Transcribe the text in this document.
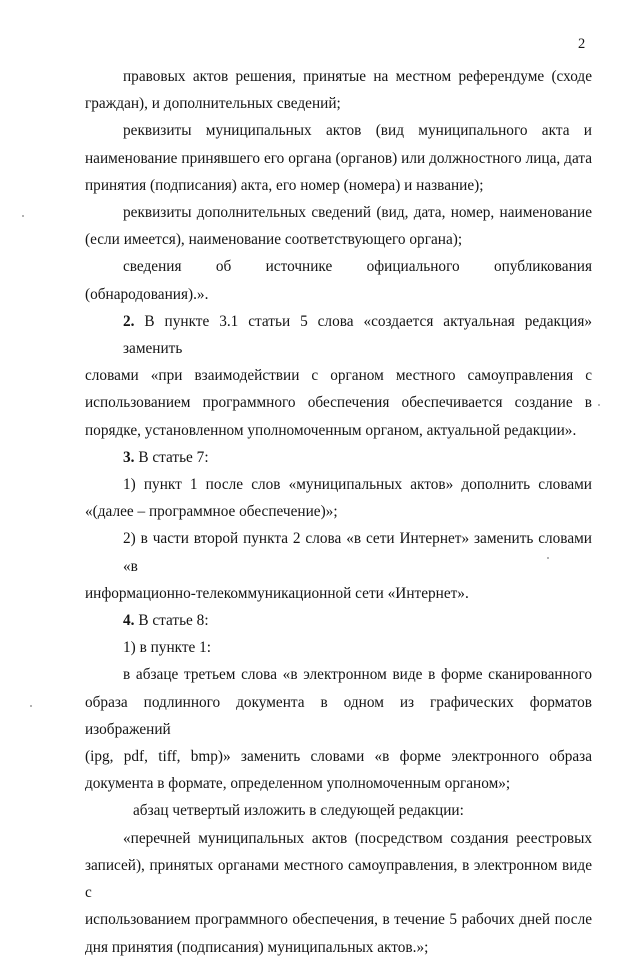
2

правовых актов решения, принятые на местном референдуме (сходе
граждан), и дополнительных сведений;

реквизиты муниципальных актов (вид муниципального акта и
наименование принявшего его органа (органов) или должностного лица, дата
принятия (подписания) акта, его номер (номера) и название);

реквизиты дополнительных сведений (вид, дата, номер, наименование
(если имеется), наименование соответствующего органа);

сведения об источнике официального опубликования
(обнародования).».

2. В пункте 3.1 статьи 5 слова «создается актуальная редакция» заменить
словами «при взаимодействии с органом местного самоуправления с
использованием программного обеспечения обеспечивается создание в
порядке, установленном уполномоченным органом, актуальной редакции».

3. В статье 7:

1) пункт 1 после слов «муниципальных актов» дополнить словами
«(далее – программное обеспечение)»;

2) в части второй пункта 2 слова «в сети Интернет» заменить словами «в
информационно-телекоммуникационной сети «Интернет».

4. В статье 8:

1) в пункте 1:

в абзаце третьем слова «в электронном виде в форме сканированного
образа подлинного документа в одном из графических форматов изображений
(ipg, pdf, tiff, bmp)» заменить словами «в форме электронного образа
документа в формате, определенном уполномоченным органом»;

абзац четвертый изложить в следующей редакции:

«перечней муниципальных актов (посредством создания реестровых
записей), принятых органами местного самоуправления, в электронном виде с
использованием программного обеспечения, в течение 5 рабочих дней после
дня принятия (подписания) муниципальных актов.»;
